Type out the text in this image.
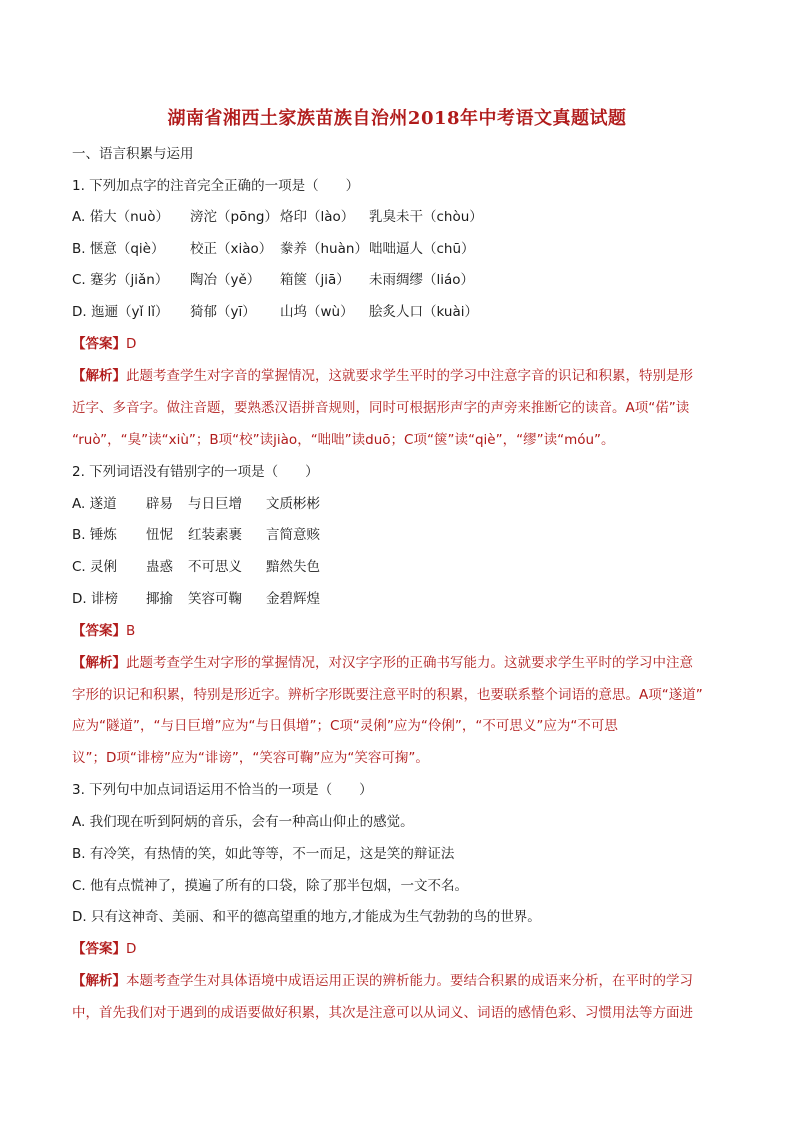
湖南省湘西土家族苗族自治州2018年中考语文真题试题
一、语言积累与运用
1. 下列加点字的注音完全正确的一项是（　　）
A. 偌大（nuò）	滂沱（pōng） 烙印（lào）	乳臭未干（chòu）
B. 惬意（qiè）	校正（xiào） 豢养（huàn） 咄咄逼人（chū）
C. 蹇劣（jiǎn）	陶冶（yě）	箱箧（jiā）	未雨绸缪（liáo）
D. 迤逦（yǐ lǐ）	猗郁（yī）	山坞（wù）	脍炙人口（kuài）
【答案】D
【解析】此题考查学生对字音的掌握情况，这就要求学生平时的学习中注意字音的识记和积累，特别是形
近字、多音字。做注音题，要熟悉汉语拼音规则，同时可根据形声字的声旁来推断它的读音。A项“偌”读
“ruò”，“臭”读“xiù”；B项“校”读jiào，“咄咄”读duō；C项“箧”读“qiè”，“缪”读“móu”。
2. 下列词语没有错别字的一项是（　　）
A. 遂道	辟易	与日巨增	文质彬彬
B. 锤炼	忸怩	红装素裹	言简意赅
C. 灵俐	蛊惑	不可思义	黯然失色
D. 诽榜	揶揄	笑容可鞠	金碧辉煌
【答案】B
【解析】此题考查学生对字形的掌握情况，对汉字字形的正确书写能力。这就要求学生平时的学习中注意
字形的识记和积累，特别是形近字。辨析字形既要注意平时的积累，也要联系整个词语的意思。A项“遂道”
应为“隧道”，“与日巨增”应为“与日俱增”；C项“灵俐”应为“伶俐”，“不可思义”应为“不可思
议”；D项“诽榜”应为“诽谤”，“笑容可鞠”应为“笑容可掬”。
3. 下列句中加点词语运用不恰当的一项是（　　）
A. 我们现在听到阿炳的音乐，会有一种高山仰止的感觉。
B. 有冷笑，有热情的笑，如此等等，不一而足，这是笑的辩证法
C. 他有点慌神了，摸遍了所有的口袋，除了那半包烟，一文不名。
D. 只有这神奇、美丽、和平的德高望重的地方,才能成为生气勃勃的鸟的世界。
【答案】D
【解析】本题考查学生对具体语境中成语运用正误的辨析能力。要结合积累的成语来分析，在平时的学习
中，首先我们对于遇到的成语要做好积累，其次是注意可以从词义、词语的感情色彩、习惯用法等方面进
